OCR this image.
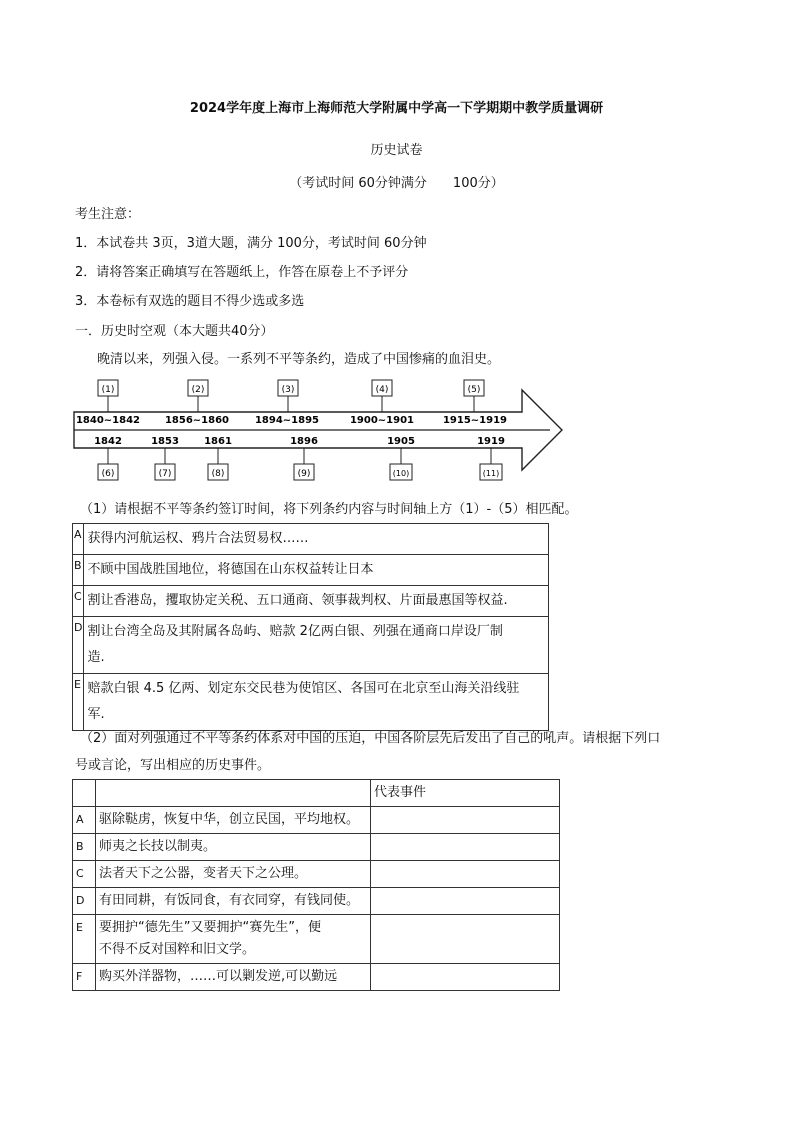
2024学年度上海市上海师范大学附属中学高一下学期期中教学质量调研
历史试卷
（考试时间 60分钟满分　　100分）
考生注意：
1．本试卷共 3页，3道大题，满分 100分，考试时间 60分钟
2．请将答案正确填写在答题纸上，作答在原卷上不予评分
3．本卷标有双选的题目不得少选或多选
一．历史时空观（本大题共40分）
晚清以来，列强入侵。一系列不平等条约，造成了中国惨痛的血泪史。
(1)
1840~1842
(2)
1856~1860
(3)
1894~1895
(4)
1900~1901
(5)
1915~1919
1842
(6)
1853
(7)
1861
(8)
1896
(9)
1905
(10)
1919
(11)
（1）请根据不平等条约签订时间，将下列条约内容与时间轴上方（1）-（5）相匹配。
A	获得内河航运权、鸦片合法贸易权……

B	不顾中国战胜国地位，将德国在山东权益转让日本

C	割让香港岛，攫取协定关税、五口通商、领事裁判权、片面最惠国等权益.

D	割让台湾全岛及其附属各岛屿、赔款 2亿两白银、列强在通商口岸设厂制
造.

E	赔款白银 4.5 亿两、划定东交民巷为使馆区、各国可在北京至山海关沿线驻
军.
（2）面对列强通过不平等条约体系对中国的压迫，中国各阶层先后发出了自己的吼声。请根据下列口
号或言论，写出相应的历史事件。
		代表事件
A	驱除鞑虏，恢复中华，创立民国，平均地权。	

B	师夷之长技以制夷。	

C	法者天下之公器，变者天下之公理。	

D	有田同耕，有饭同食，有衣同穿，有钱同使。	

E	要拥护“德先生”又要拥护“赛先生”，便
不得不反对国粹和旧文学。	

F	购买外洋器物，……可以剿发逆,可以勤远	
